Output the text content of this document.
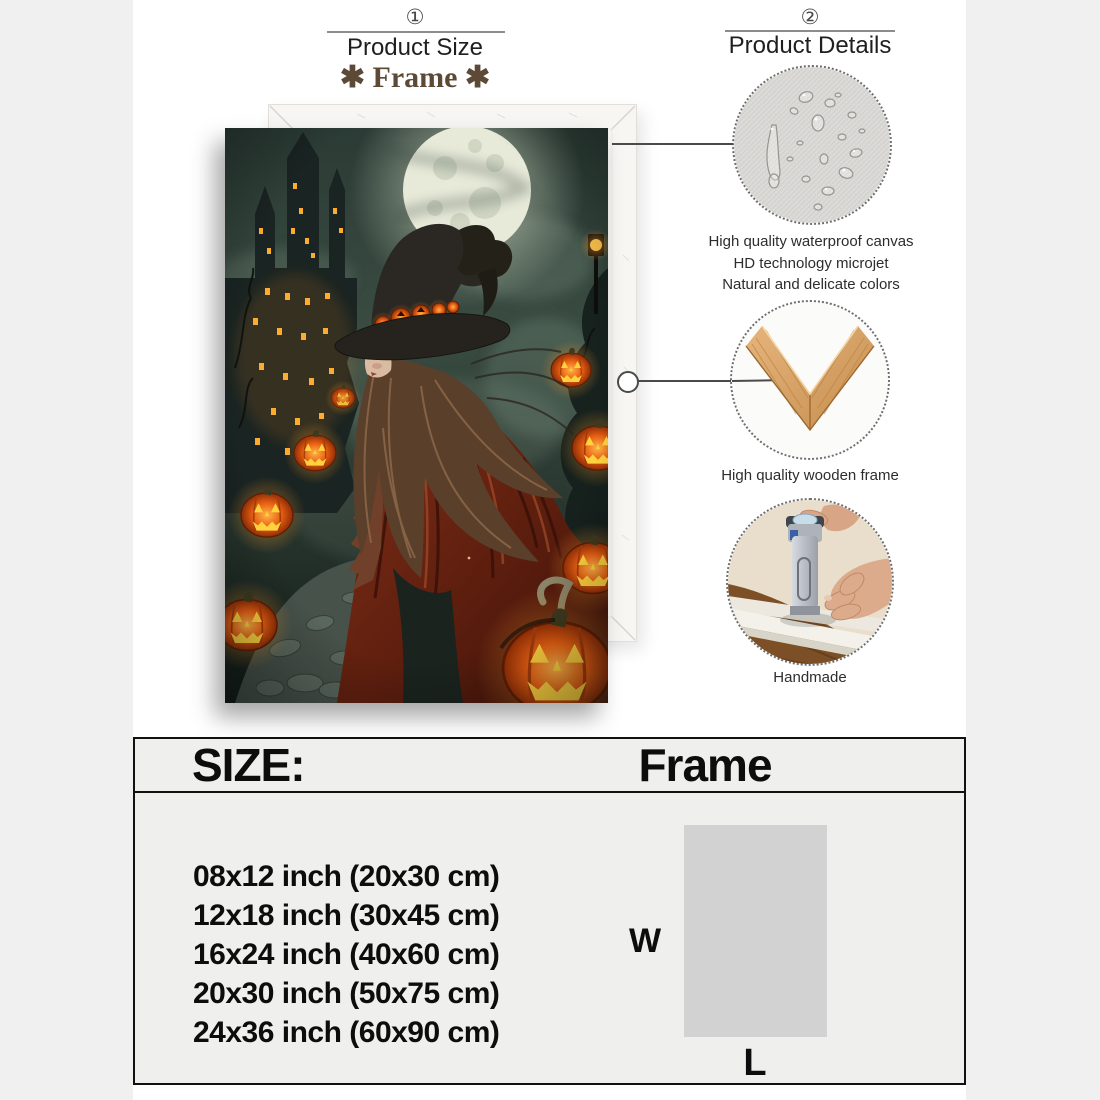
①
Product Size
✱ Frame ✱
②
Product Details
High quality waterproof canvas
HD technology microjet
Natural and delicate colors
High quality wooden frame
Handmade
SIZE:	Frame
08x12 inch (20x30 cm)
12x18 inch (30x45 cm)
16x24 inch (40x60 cm)
20x30 inch (50x75 cm)
24x36 inch (60x90 cm)
W
L
